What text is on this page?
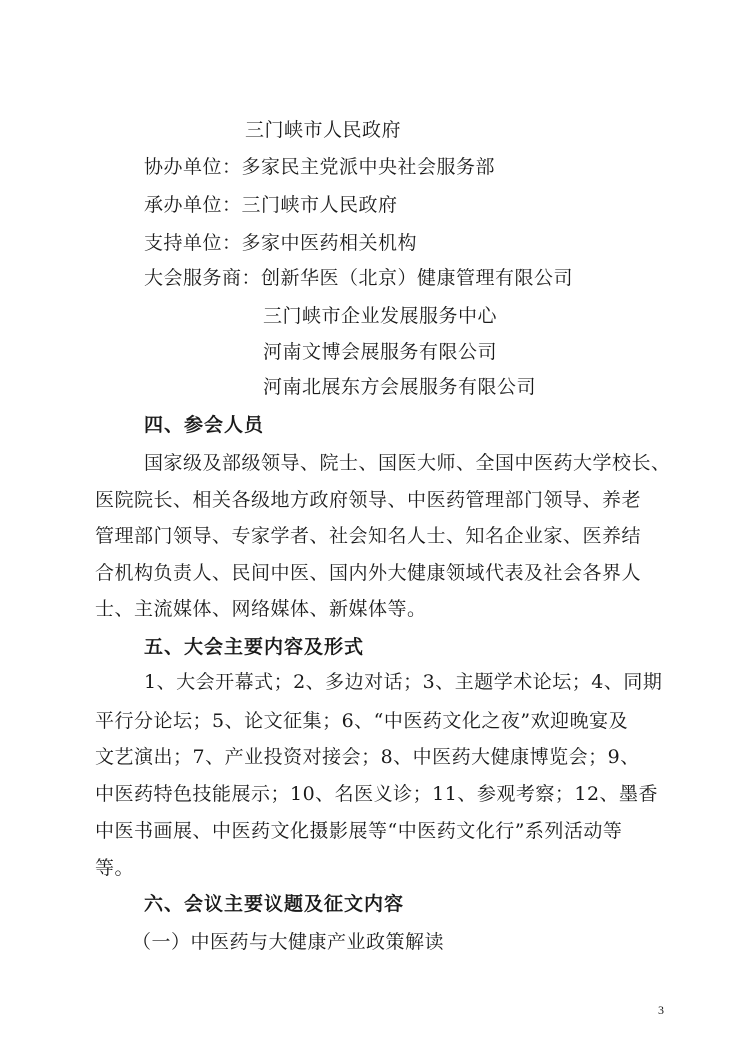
三门峡市人民政府
协办单位：多家民主党派中央社会服务部
承办单位：三门峡市人民政府
支持单位：多家中医药相关机构
大会服务商：创新华医（北京）健康管理有限公司
三门峡市企业发展服务中心
河南文博会展服务有限公司
河南北展东方会展服务有限公司
四、参会人员
国家级及部级领导、院士、国医大师、全国中医药大学校长、
医院院长、相关各级地方政府领导、中医药管理部门领导、养老
管理部门领导、专家学者、社会知名人士、知名企业家、医养结
合机构负责人、民间中医、国内外大健康领域代表及社会各界人
士、主流媒体、网络媒体、新媒体等。
五、大会主要内容及形式
1、大会开幕式；2、多边对话；3、主题学术论坛；4、同期
平行分论坛；5、论文征集；6、“中医药文化之夜”欢迎晚宴及
文艺演出；7、产业投资对接会；8、中医药大健康博览会；9、
中医药特色技能展示；10、名医义诊；11、参观考察；12、墨香
中医书画展、中医药文化摄影展等“中医药文化行”系列活动等
等。
六、会议主要议题及征文内容
（一）中医药与大健康产业政策解读
3
